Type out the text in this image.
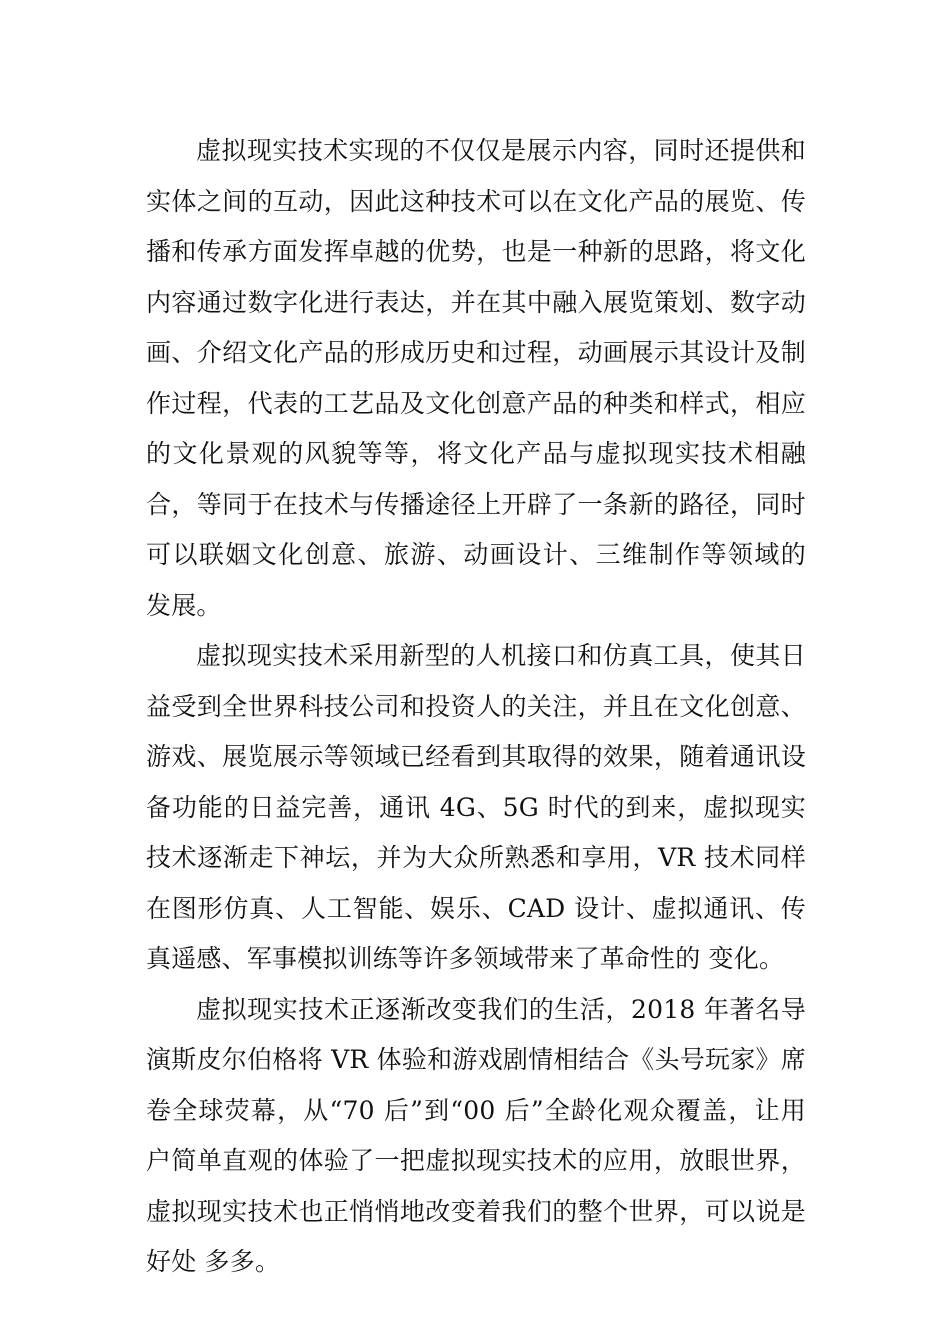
虚拟现实技术实现的不仅仅是展示内容，同时还提供和实体之间的互动，因此这种技术可以在文化产品的展览、传播和传承方面发挥卓越的优势，也是一种新的思路，将文化内容通过数字化进行表达，并在其中融入展览策划、数字动画、介绍文化产品的形成历史和过程，动画展示其设计及制作过程，代表的工艺品及文化创意产品的种类和样式，相应的文化景观的风貌等等，将文化产品与虚拟现实技术相融合，等同于在技术与传播途径上开辟了一条新的路径，同时可以联姻文化创意、旅游、动画设计、三维制作等领域的 发展。

虚拟现实技术采用新型的人机接口和仿真工具，使其日益受到全世界科技公司和投资人的关注，并且在文化创意、游戏、展览展示等领域已经看到其取得的效果，随着通讯设备功能的日益完善，通讯 4G、5G 时代的到来，虚拟现实技术逐渐走下神坛，并为大众所熟悉和享用，VR 技术同样在图形仿真、人工智能、娱乐、CAD 设计、虚拟通讯、传真遥感、军事模拟训练等许多领域带来了革命性的 变化。

虚拟现实技术正逐渐改变我们的生活，2018 年著名导演斯皮尔伯格将 VR 体验和游戏剧情相结合《头号玩家》席卷全球荧幕，从“70 后”到“00 后”全龄化观众覆盖，让用户简单直观的体验了一把虚拟现实技术的应用，放眼世界，虚拟现实技术也正悄悄地改变着我们的整个世界，可以说是好处 多多。
